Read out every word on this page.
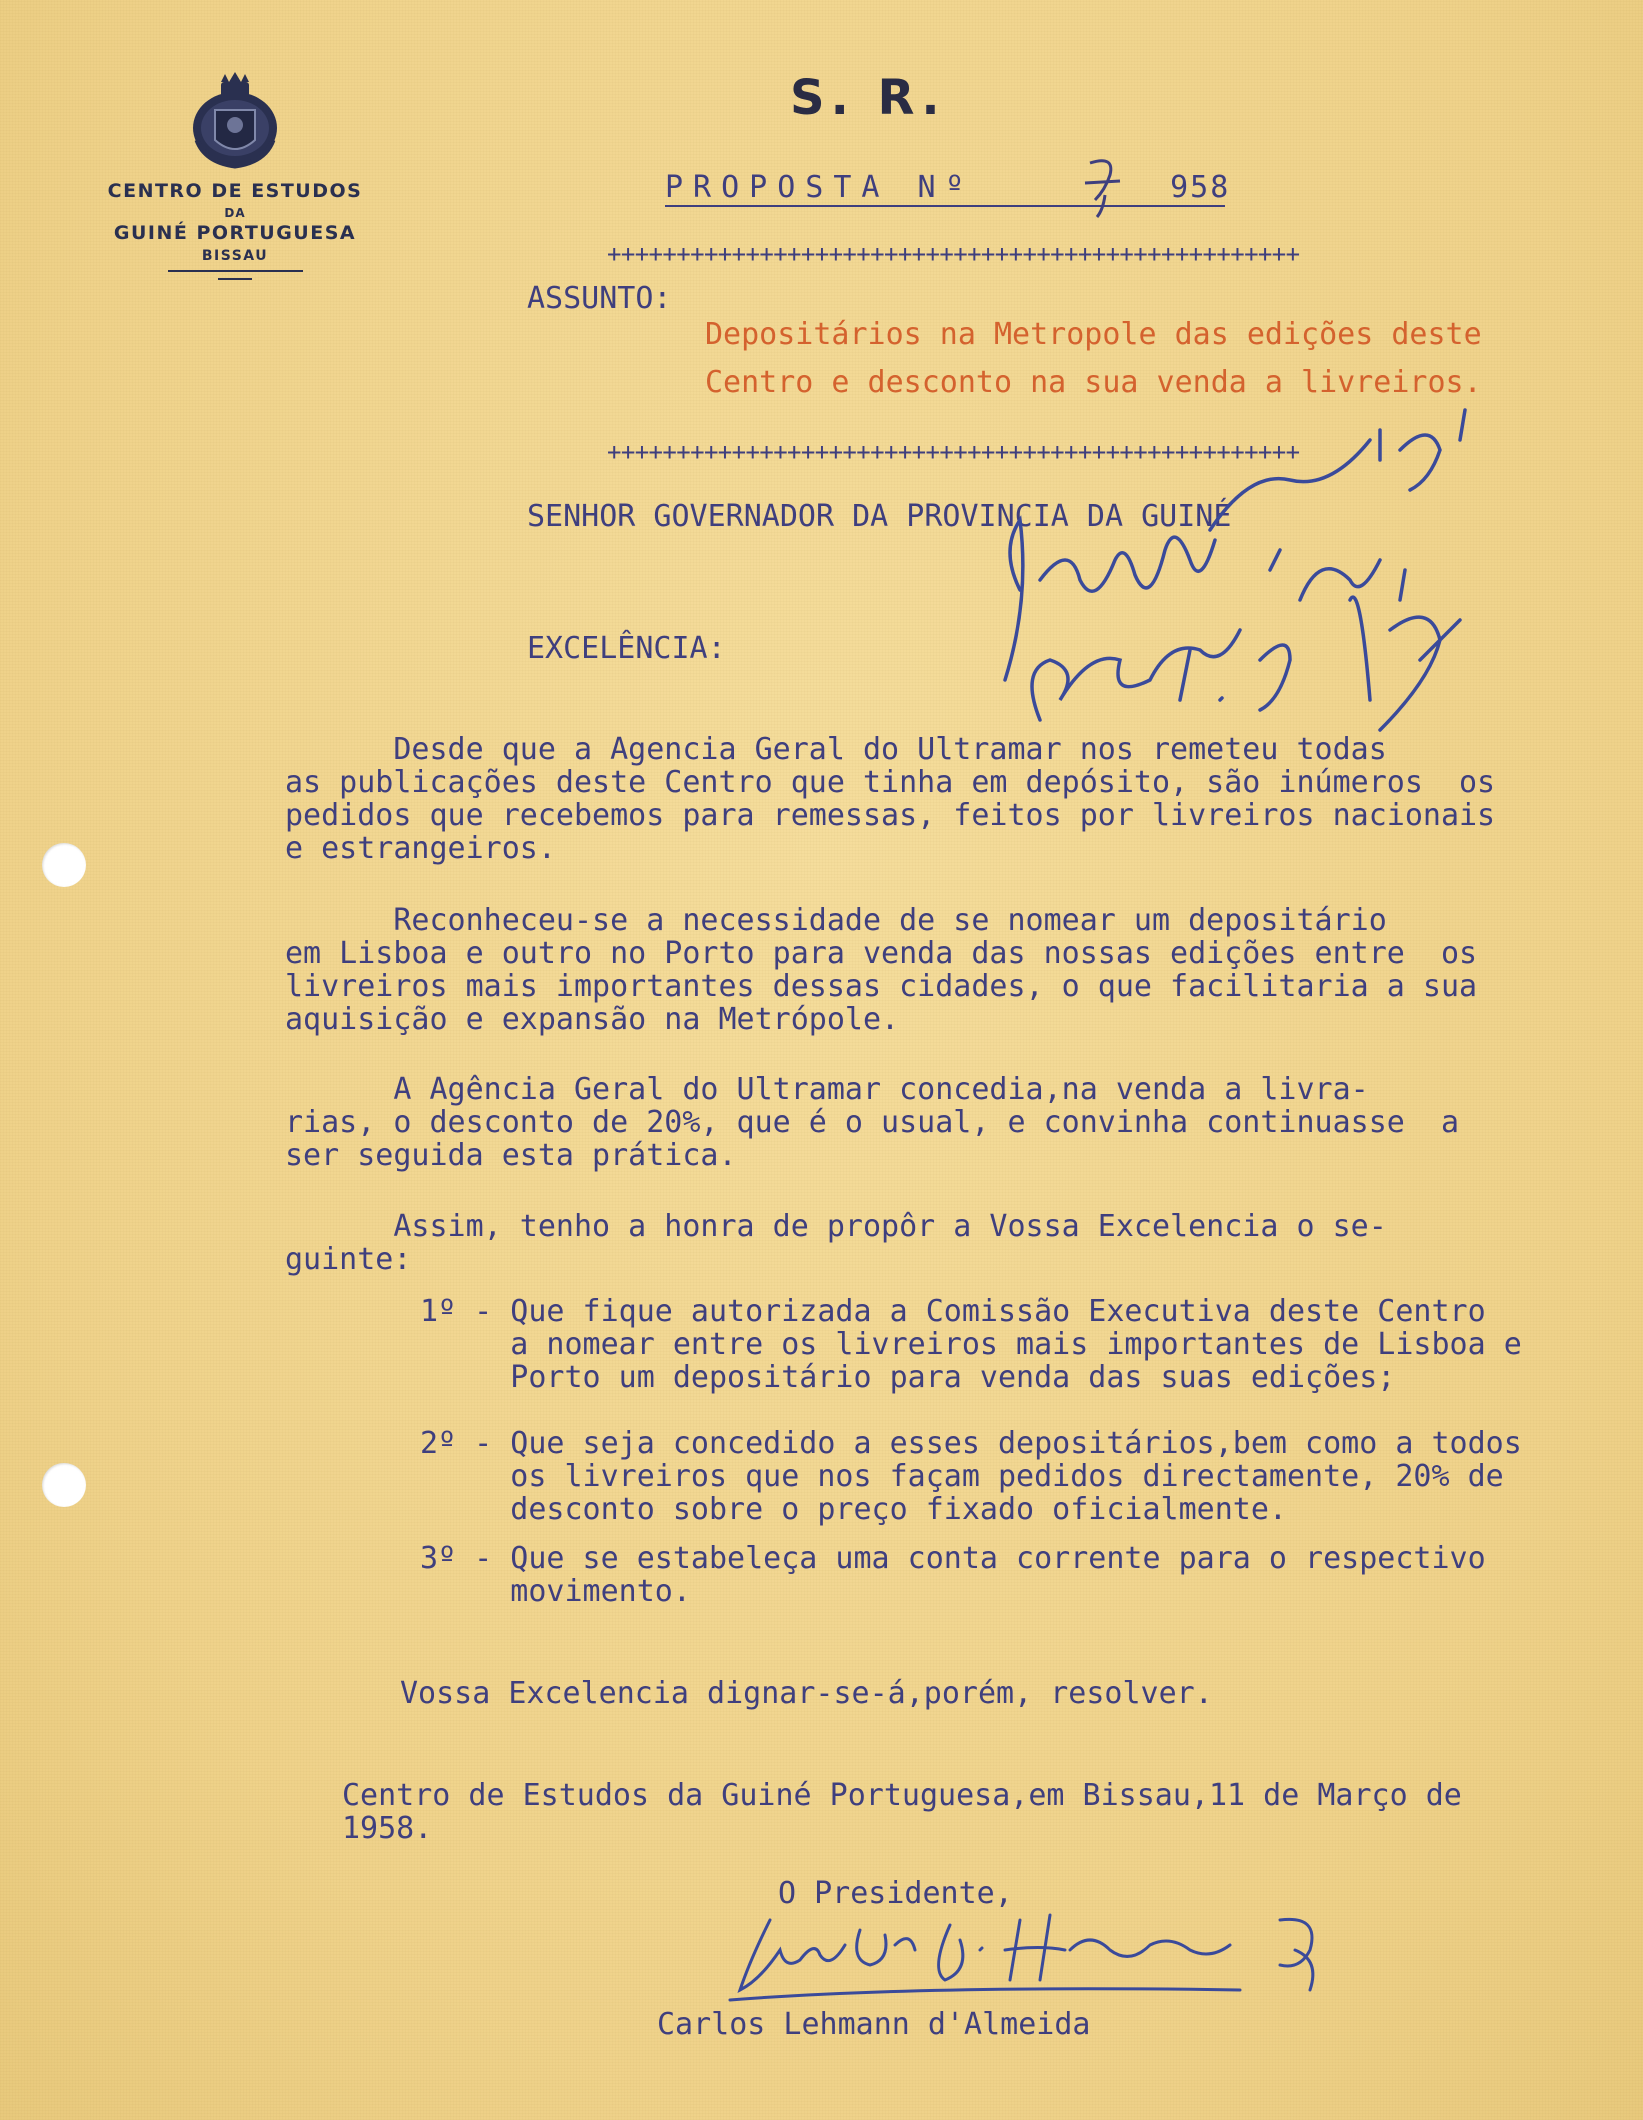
CENTRO DE ESTUDOS
DA
GUINÉ PORTUGUESA
BISSAU
S. R.
PROPOSTA Nº	958
++++++++++++++++++++++++++++++++++++++++++++++++++
ASSUNTO:
Depositários na Metropole das edições deste
Centro e desconto na sua venda a livreiros.
++++++++++++++++++++++++++++++++++++++++++++++++++
SENHOR GOVERNADOR DA PROVINCIA DA GUINÉ
EXCELÊNCIA:
Desde que a Agencia Geral do Ultramar nos remeteu todas
as publicações deste Centro que tinha em depósito, são inúmeros  os
pedidos que recebemos para remessas, feitos por livreiros nacionais
e estrangeiros.
Reconheceu-se a necessidade de se nomear um depositário
em Lisboa e outro no Porto para venda das nossas edições entre  os
livreiros mais importantes dessas cidades, o que facilitaria a sua
aquisição e expansão na Metrópole.
A Agência Geral do Ultramar concedia,na venda a livra-
rias, o desconto de 20%, que é o usual, e convinha continuasse  a
ser seguida esta prática.
Assim, tenho a honra de propôr a Vossa Excelencia o se-
guinte:
1º - Que fique autorizada a Comissão Executiva deste Centro
a nomear entre os livreiros mais importantes de Lisboa e
Porto um depositário para venda das suas edições;
2º - Que seja concedido a esses depositários,bem como a todos
os livreiros que nos façam pedidos directamente, 20% de
desconto sobre o preço fixado oficialmente.
3º - Que se estabeleça uma conta corrente para o respectivo
movimento.
Vossa Excelencia dignar-se-á,porém, resolver.
Centro de Estudos da Guiné Portuguesa,em Bissau,11 de Março de
1958.
O Presidente,
Carlos Lehmann d'Almeida
